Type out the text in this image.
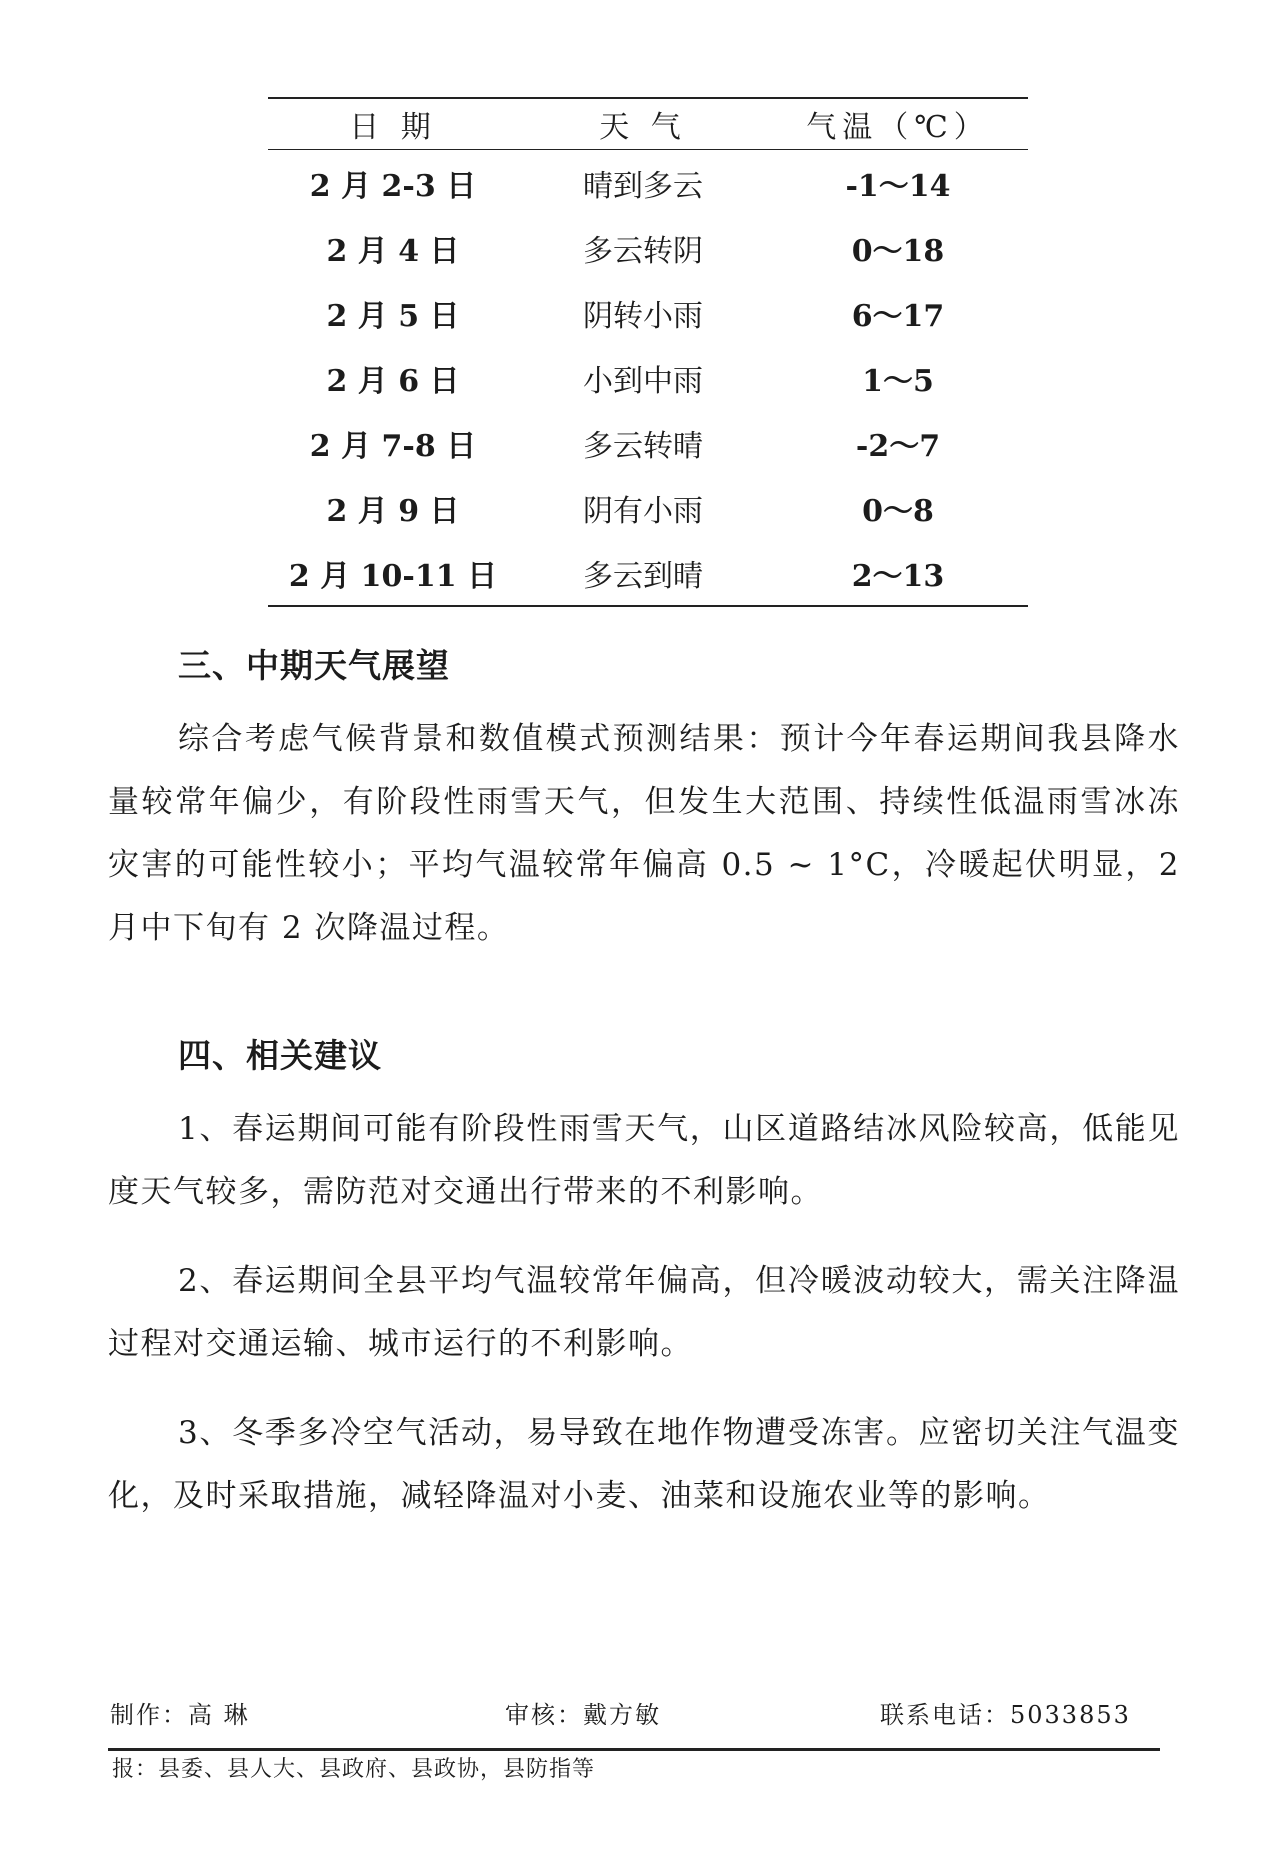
日 期	天 气	气温（℃）
2 月 2-3 日	晴到多云	-1～14
2 月 4 日	多云转阴	0～18
2 月 5 日	阴转小雨	6～17
2 月 6 日	小到中雨	1～5
2 月 7-8 日	多云转晴	-2～7
2 月 9 日	阴有小雨	0～8
2 月 10-11 日	多云到晴	2～13
三、中期天气展望

综合考虑气候背景和数值模式预测结果：预计今年春运期间我县降水量较常年偏少，有阶段性雨雪天气，但发生大范围、持续性低温雨雪冰冻灾害的可能性较小；平均气温较常年偏高 0.5 ~ 1°C，冷暖起伏明显，2 月中下旬有 2 次降温过程。

四、相关建议

1、春运期间可能有阶段性雨雪天气，山区道路结冰风险较高，低能见度天气较多，需防范对交通出行带来的不利影响。

2、春运期间全县平均气温较常年偏高，但冷暖波动较大，需关注降温过程对交通运输、城市运行的不利影响。

3、冬季多冷空气活动，易导致在地作物遭受冻害。应密切关注气温变化，及时采取措施，减轻降温对小麦、油菜和设施农业等的影响。

制作：高 琳	审核：戴方敏	联系电话：5033853
报：县委、县人大、县政府、县政协，县防指等
